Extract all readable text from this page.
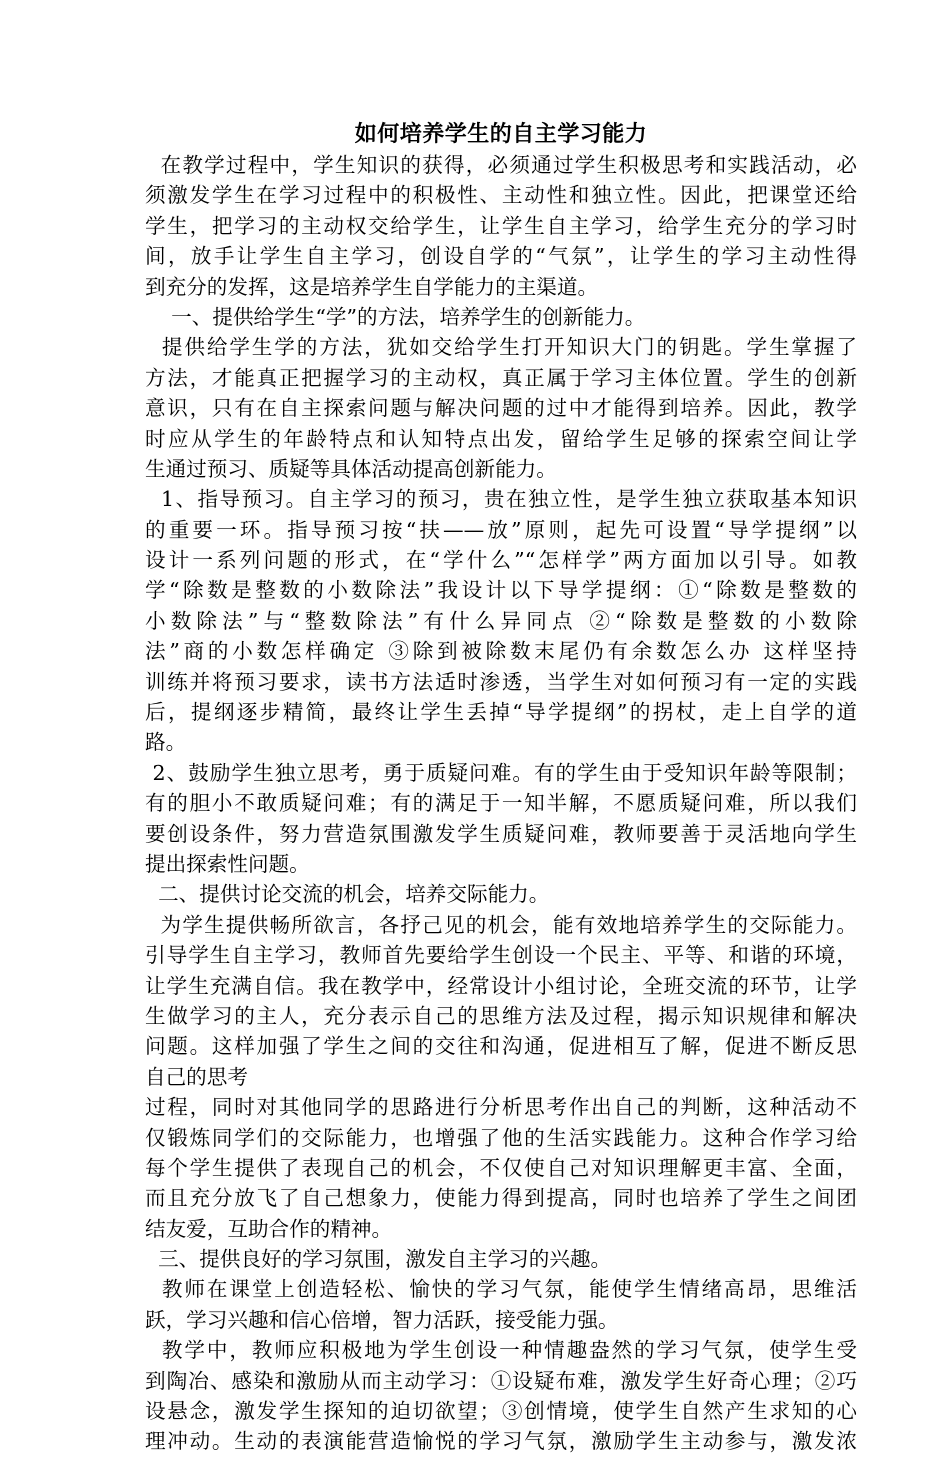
如何培养学生的自主学习能力
在教学过程中，学生知识的获得，必须通过学生积极思考和实践活动，必
须激发学生在学习过程中的积极性、主动性和独立性。因此，把课堂还给
学生，把学习的主动权交给学生，让学生自主学习，给学生充分的学习时
间，放手让学生自主学习，创设自学的“气氛”，让学生的学习主动性得
到充分的发挥，这是培养学生自学能力的主渠道。
一、提供给学生“学”的方法，培养学生的创新能力。
提供给学生学的方法，犹如交给学生打开知识大门的钥匙。学生掌握了
方法，才能真正把握学习的主动权，真正属于学习主体位置。学生的创新
意识，只有在自主探索问题与解决问题的过中才能得到培养。因此，教学
时应从学生的年龄特点和认知特点出发，留给学生足够的探索空间让学
生通过预习、质疑等具体活动提高创新能力。
1、指导预习。自主学习的预习，贵在独立性，是学生独立获取基本知识
的重要一环。指导预习按“扶——放”原则，起先可设置“导学提纲”以
设计一系列问题的形式，在“学什么”“怎样学”两方面加以引导。如教
学“除数是整数的小数除法”我设计以下导学提纲：①“除数是整数的
小数除法”与“整数除法”有什么异同点 ②“除数是整数的小数除
法”商的小数怎样确定 ③除到被除数末尾仍有余数怎么办 这样坚持
训练并将预习要求，读书方法适时渗透，当学生对如何预习有一定的实践
后，提纲逐步精简，最终让学生丢掉“导学提纲”的拐杖，走上自学的道
路。
2、鼓励学生独立思考，勇于质疑问难。有的学生由于受知识年龄等限制；
有的胆小不敢质疑问难；有的满足于一知半解，不愿质疑问难，所以我们
要创设条件，努力营造氛围激发学生质疑问难，教师要善于灵活地向学生
提出探索性问题。
二、提供讨论交流的机会，培养交际能力。
为学生提供畅所欲言，各抒己见的机会，能有效地培养学生的交际能力。
引导学生自主学习，教师首先要给学生创设一个民主、平等、和谐的环境，
让学生充满自信。我在教学中，经常设计小组讨论，全班交流的环节，让学
生做学习的主人，充分表示自己的思维方法及过程，揭示知识规律和解决
问题。这样加强了学生之间的交往和沟通，促进相互了解，促进不断反思
自己的思考
过程，同时对其他同学的思路进行分析思考作出自己的判断，这种活动不
仅锻炼同学们的交际能力，也增强了他的生活实践能力。这种合作学习给
每个学生提供了表现自己的机会，不仅使自己对知识理解更丰富、全面，
而且充分放飞了自己想象力，使能力得到提高，同时也培养了学生之间团
结友爱，互助合作的精神。
三、提供良好的学习氛围，激发自主学习的兴趣。
教师在课堂上创造轻松、愉快的学习气氛，能使学生情绪高昂，思维活
跃，学习兴趣和信心倍增，智力活跃，接受能力强。
教学中，教师应积极地为学生创设一种情趣盎然的学习气氛，使学生受
到陶冶、感染和激励从而主动学习：①设疑布难，激发学生好奇心理；②巧
设悬念，激发学生探知的迫切欲望；③创情境，使学生自然产生求知的心
理冲动。生动的表演能营造愉悦的学习气氛，激励学生主动参与，激发浓
